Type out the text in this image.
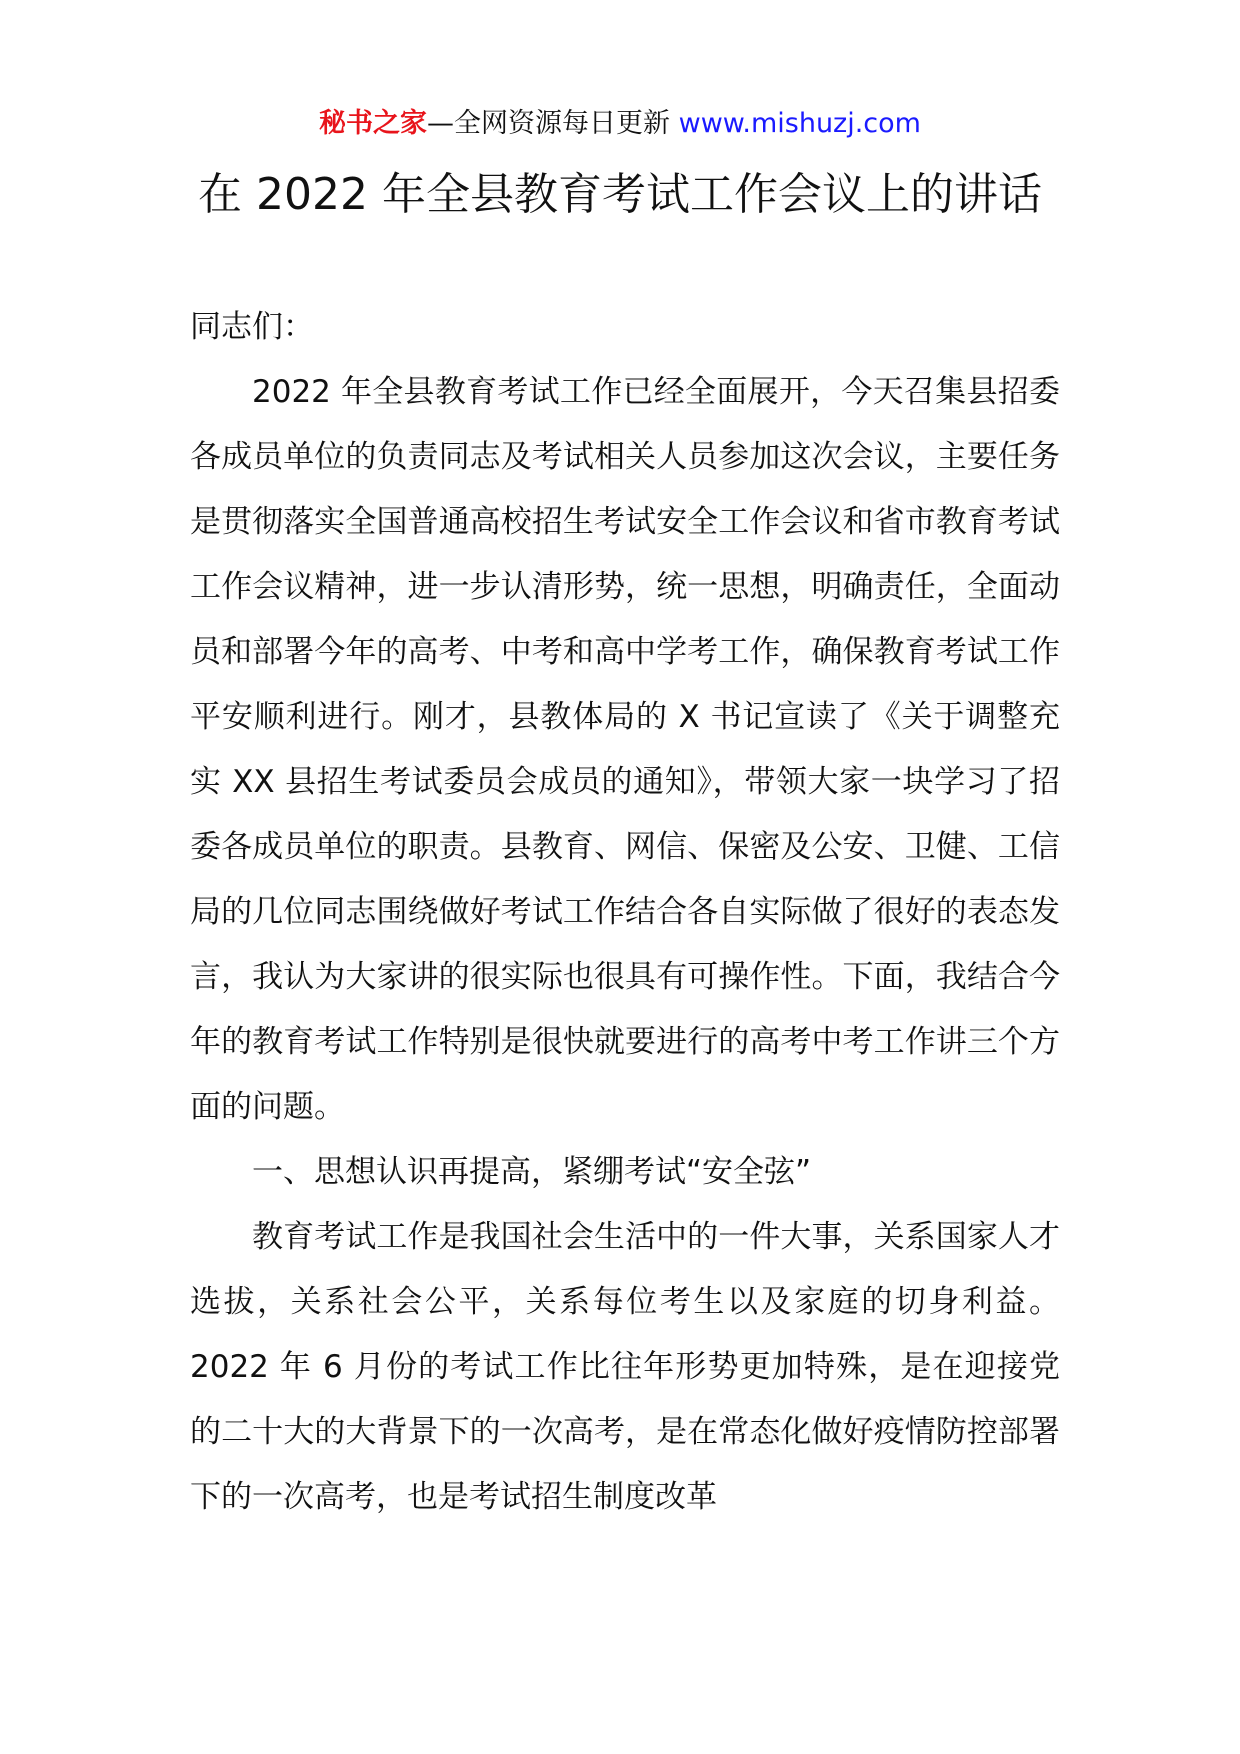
秘书之家—全网资源每日更新 www.mishuzj.com
在 2022 年全县教育考试工作会议上的讲话

同志们：

2022 年全县教育考试工作已经全面展开，今天召集县招委各成员单位的负责同志及考试相关人员参加这次会议，主要任务是贯彻落实全国普通高校招生考试安全工作会议和省市教育考试工作会议精神，进一步认清形势，统一思想，明确责任，全面动员和部署今年的高考、中考和高中学考工作，确保教育考试工作平安顺利进行。刚才，县教体局的 X 书记宣读了《关于调整充实 XX 县招生考试委员会成员的通知》，带领大家一块学习了招委各成员单位的职责。县教育、网信、保密及公安、卫健、工信局的几位同志围绕做好考试工作结合各自实际做了很好的表态发言，我认为大家讲的很实际也很具有可操作性。下面，我结合今年的教育考试工作特别是很快就要进行的高考中考工作讲三个方面的问题。

一、思想认识再提高，紧绷考试“安全弦”

教育考试工作是我国社会生活中的一件大事，关系国家人才选拔，关系社会公平，关系每位考生以及家庭的切身利益。2022 年 6 月份的考试工作比往年形势更加特殊，是在迎接党的二十大的大背景下的一次高考，是在常态化做好疫情防控部署下的一次高考，也是考试招生制度改革
